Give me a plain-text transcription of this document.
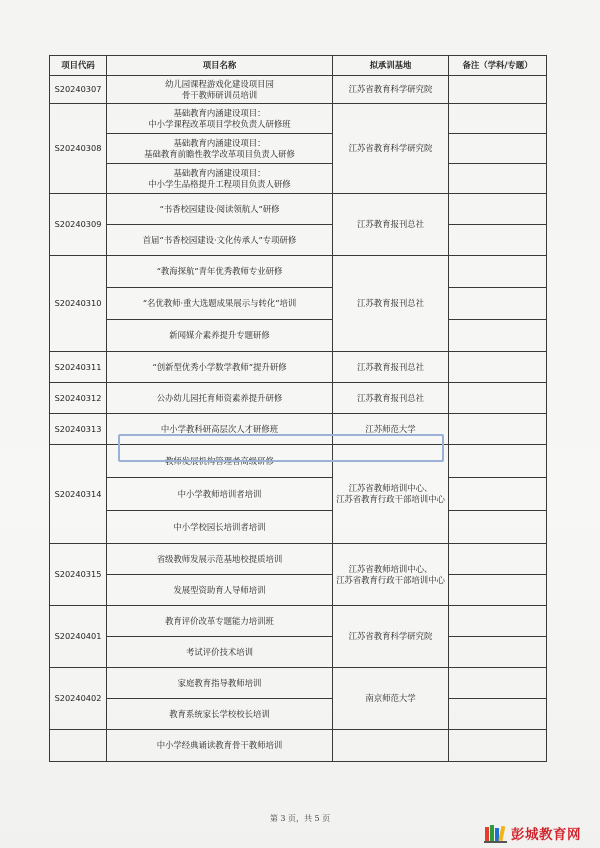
项目代码	项目名称	拟承训基地	备注（学科/专题）
S20240307	幼儿园课程游戏化建设项目园
骨干教师研训员培训	江苏省教育科学研究院	
S20240308	基础教育内涵建设项目：
中小学课程改革项目学校负责人研修班	江苏省教育科学研究院	

	基础教育内涵建设项目：
基础教育前瞻性教学改革项目负责人研修		

	基础教育内涵建设项目：
中小学生品格提升工程项目负责人研修		

S20240309	“书香校园建设·阅读领航人”研修	江苏教育报刊总社	

	首届“书香校园建设·文化传承人”专项研修		

S20240310	“教海探航”青年优秀教师专业研修	江苏教育报刊总社	

	“名优教师·重大选题成果展示与转化”培训		

	新闻媒介素养提升专题研修		

S20240311	“创新型优秀小学数学教师”提升研修	江苏教育报刊总社	
S20240312	公办幼儿园托育师资素养提升研修	江苏教育报刊总社	
S20240313	中小学教科研高层次人才研修班	江苏师范大学	
S20240314	教师发展机构管理者高级研修	江苏省教师培训中心、
江苏省教育行政干部培训中心	

	中小学教师培训者培训		

	中小学校园长培训者培训		

S20240315	省级教师发展示范基地校提质培训	江苏省教师培训中心、
江苏省教育行政干部培训中心	

	发展型资助育人导师培训		

S20240401	教育评价改革专题能力培训班	江苏省教育科学研究院	

	考试评价技术培训		

S20240402	家庭教育指导教师培训	南京师范大学	

	教育系统家长学校校长培训		

	中小学经典诵读教育骨干教师培训		

第 3 页，共 5 页
彭城教育网
